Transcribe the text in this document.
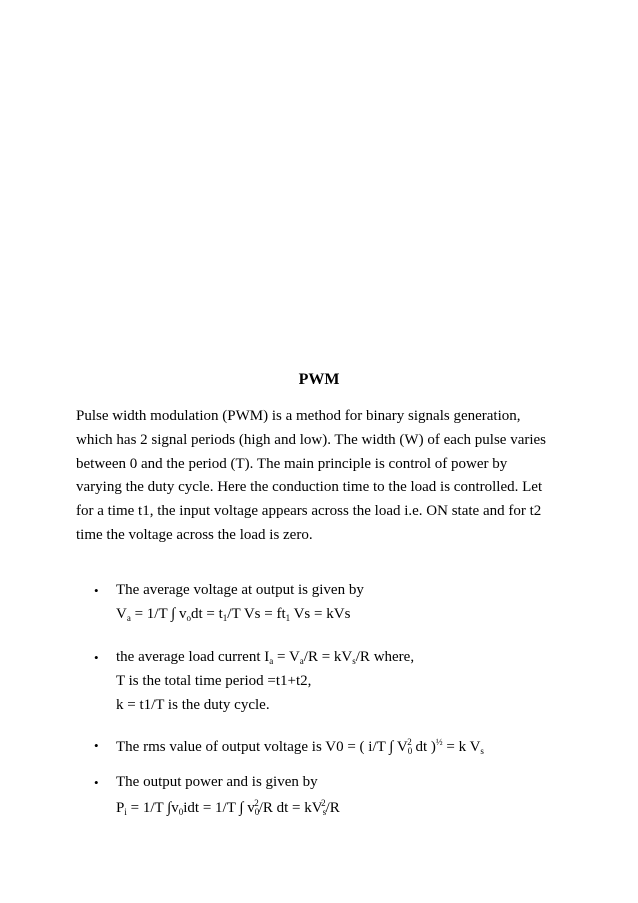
PWM

Pulse width modulation (PWM) is a method for binary signals generation,

which has 2 signal periods (high and low). The width (W) of each pulse varies

between 0 and the period (T). The main principle is control of power by

varying the duty cycle. Here the conduction time to the load is controlled. Let

for a time t1, the input voltage appears across the load i.e. ON state and for t2

time the voltage across the load is zero.

• The average voltage at output is given by
$V_a = 1/T$ ∫ $v_odt = t_1/T$ $Vs = ft_1$ Vs = kVs
• the average load current $I_a = V_a/R = kV_s/R$ where,
T is the total time period =t1+t2,
k = t1/T is the duty cycle.
• The rms value of output voltage is V0 = ( i/T ∫ $V_0^2$ dt )$^{\frac{1}{2}}$ = k $V_s$
• The output power and is given by
$P_i = 1/T$ $\int v_0idt = 1/T$ ∫ $v_0^2/R$ dt = $kV_s^2/R$
